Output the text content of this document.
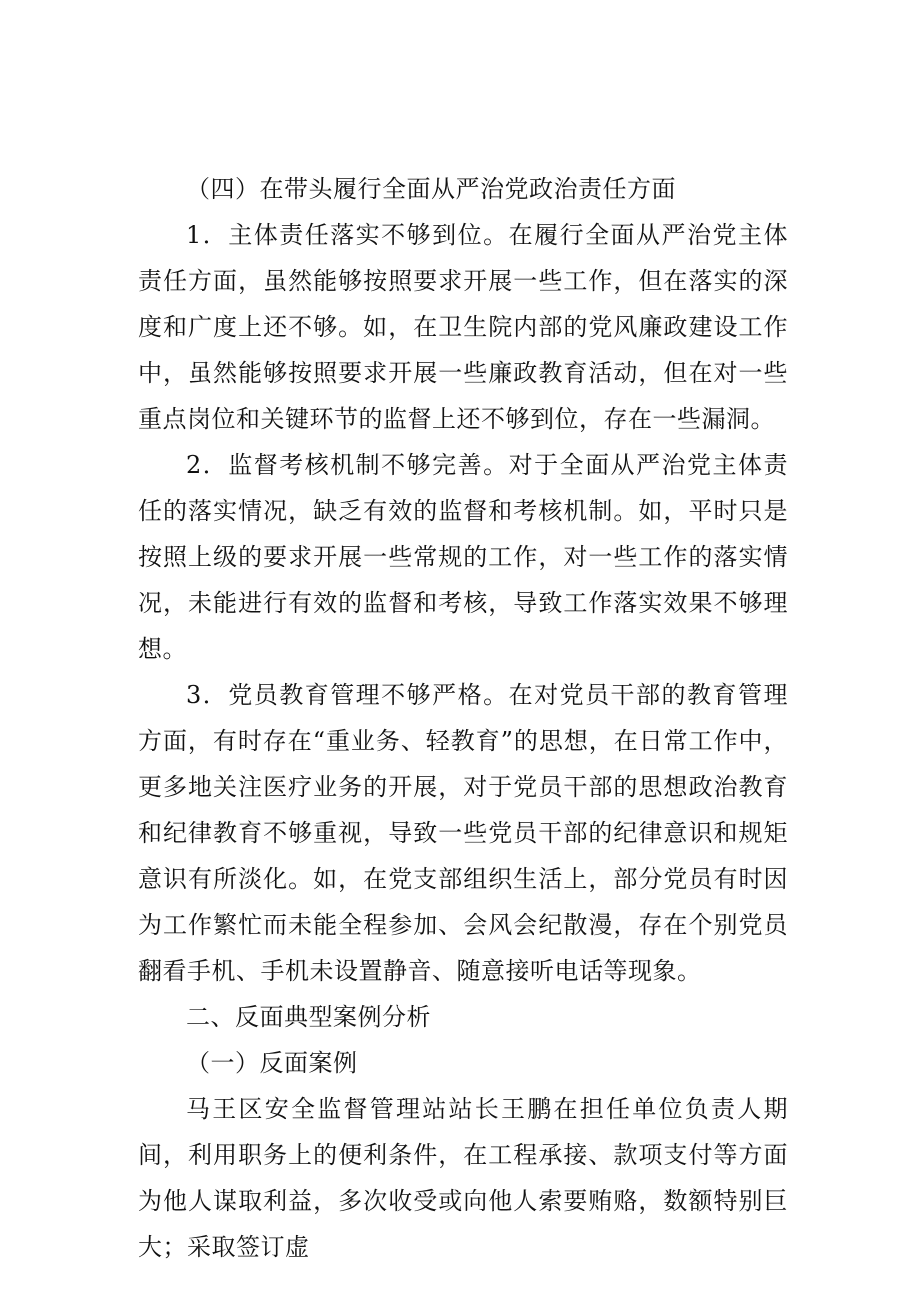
（四）在带头履行全面从严治党政治责任方面

1．主体责任落实不够到位。在履行全面从严治党主体责任方面，虽然能够按照要求开展一些工作，但在落实的深度和广度上还不够。如，在卫生院内部的党风廉政建设工作中，虽然能够按照要求开展一些廉政教育活动，但在对一些重点岗位和关键环节的监督上还不够到位，存在一些漏洞。

2．监督考核机制不够完善。对于全面从严治党主体责任的落实情况，缺乏有效的监督和考核机制。如，平时只是按照上级的要求开展一些常规的工作，对一些工作的落实情况，未能进行有效的监督和考核，导致工作落实效果不够理想。

3．党员教育管理不够严格。在对党员干部的教育管理方面，有时存在“重业务、轻教育”的思想，在日常工作中，更多地关注医疗业务的开展，对于党员干部的思想政治教育和纪律教育不够重视，导致一些党员干部的纪律意识和规矩意识有所淡化。如，在党支部组织生活上，部分党员有时因为工作繁忙而未能全程参加、会风会纪散漫，存在个别党员翻看手机、手机未设置静音、随意接听电话等现象。

二、反面典型案例分析

（一）反面案例

马王区安全监督管理站站长王鹏在担任单位负责人期间，利用职务上的便利条件，在工程承接、款项支付等方面为他人谋取利益，多次收受或向他人索要贿赂，数额特别巨大；采取签订虚
